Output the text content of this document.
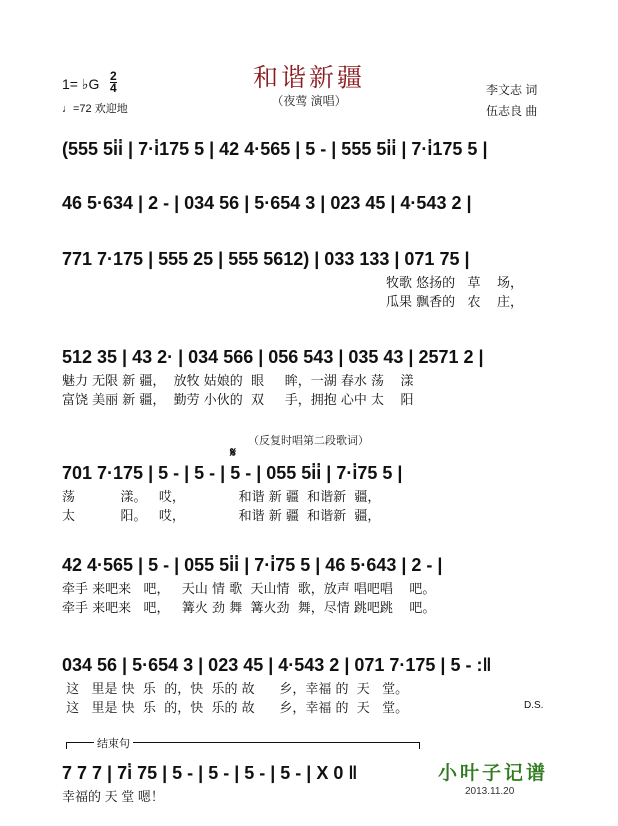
和谐新疆
（夜莺 演唱）
1= ♭G 2
4
♩=72 欢迎地
李文志 词
伍志良 曲
(555 5i̇i̇ | 7·i̇175 5 | 42 4·565 | 5 - | 555 5i̇i̇ | 7·i̇175 5 |
46 5·634 | 2 - | 034 56 | 5·654 3 | 023 45 | 4·543 2 |
771 7·175 | 555 25 | 555 5612) | 033 133 | 071 75 |
牧歌 悠扬的   草    场，
瓜果 飘香的   农    庄，
512 35 | 43 2· | 034 566 | 056 543 | 035 43 | 2571 2 |
魅力 无限 新 疆，  放牧 姑娘的  眼     眸，一湖 春水 荡    漾
富饶 美丽 新 疆，  勤劳 小伙的  双     手，拥抱 心中 太    阳
（反复时唱第二段歌词）
𝄋
701 7·175 | 5 - | 5 - | 5 - | 055 5i̇i̇ | 7·i̇75 5 |
荡           漾。   哎，             和谐 新 疆  和谐新  疆，
太           阳。   哎，             和谐 新 疆  和谐新  疆，
42 4·565 | 5 - | 055 5i̇i̇ | 7·i̇75 5 | 46 5·643 | 2 - |
牵手 来吧来   吧，   天山 情 歌  天山情  歌，放声 唱吧唱    吧。
牵手 来吧来   吧，   篝火 劲 舞  篝火劲  舞，尽情 跳吧跳    吧。
034 56 | 5·654 3 | 023 45 | 4·543 2 | 071 7·175 | 5 - :‖
这   里是 快  乐  的，快  乐的 故      乡，幸福 的  天   堂。
这   里是 快  乐  的，快  乐的 故      乡，幸福 的  天   堂。	D.S.
结束句
7 7 7 | 7i̇ 75 | 5 - | 5 - | 5 - | 5 - | X 0 ‖
幸福的 天 堂 嗯！
小叶子记谱
2013.11.20
